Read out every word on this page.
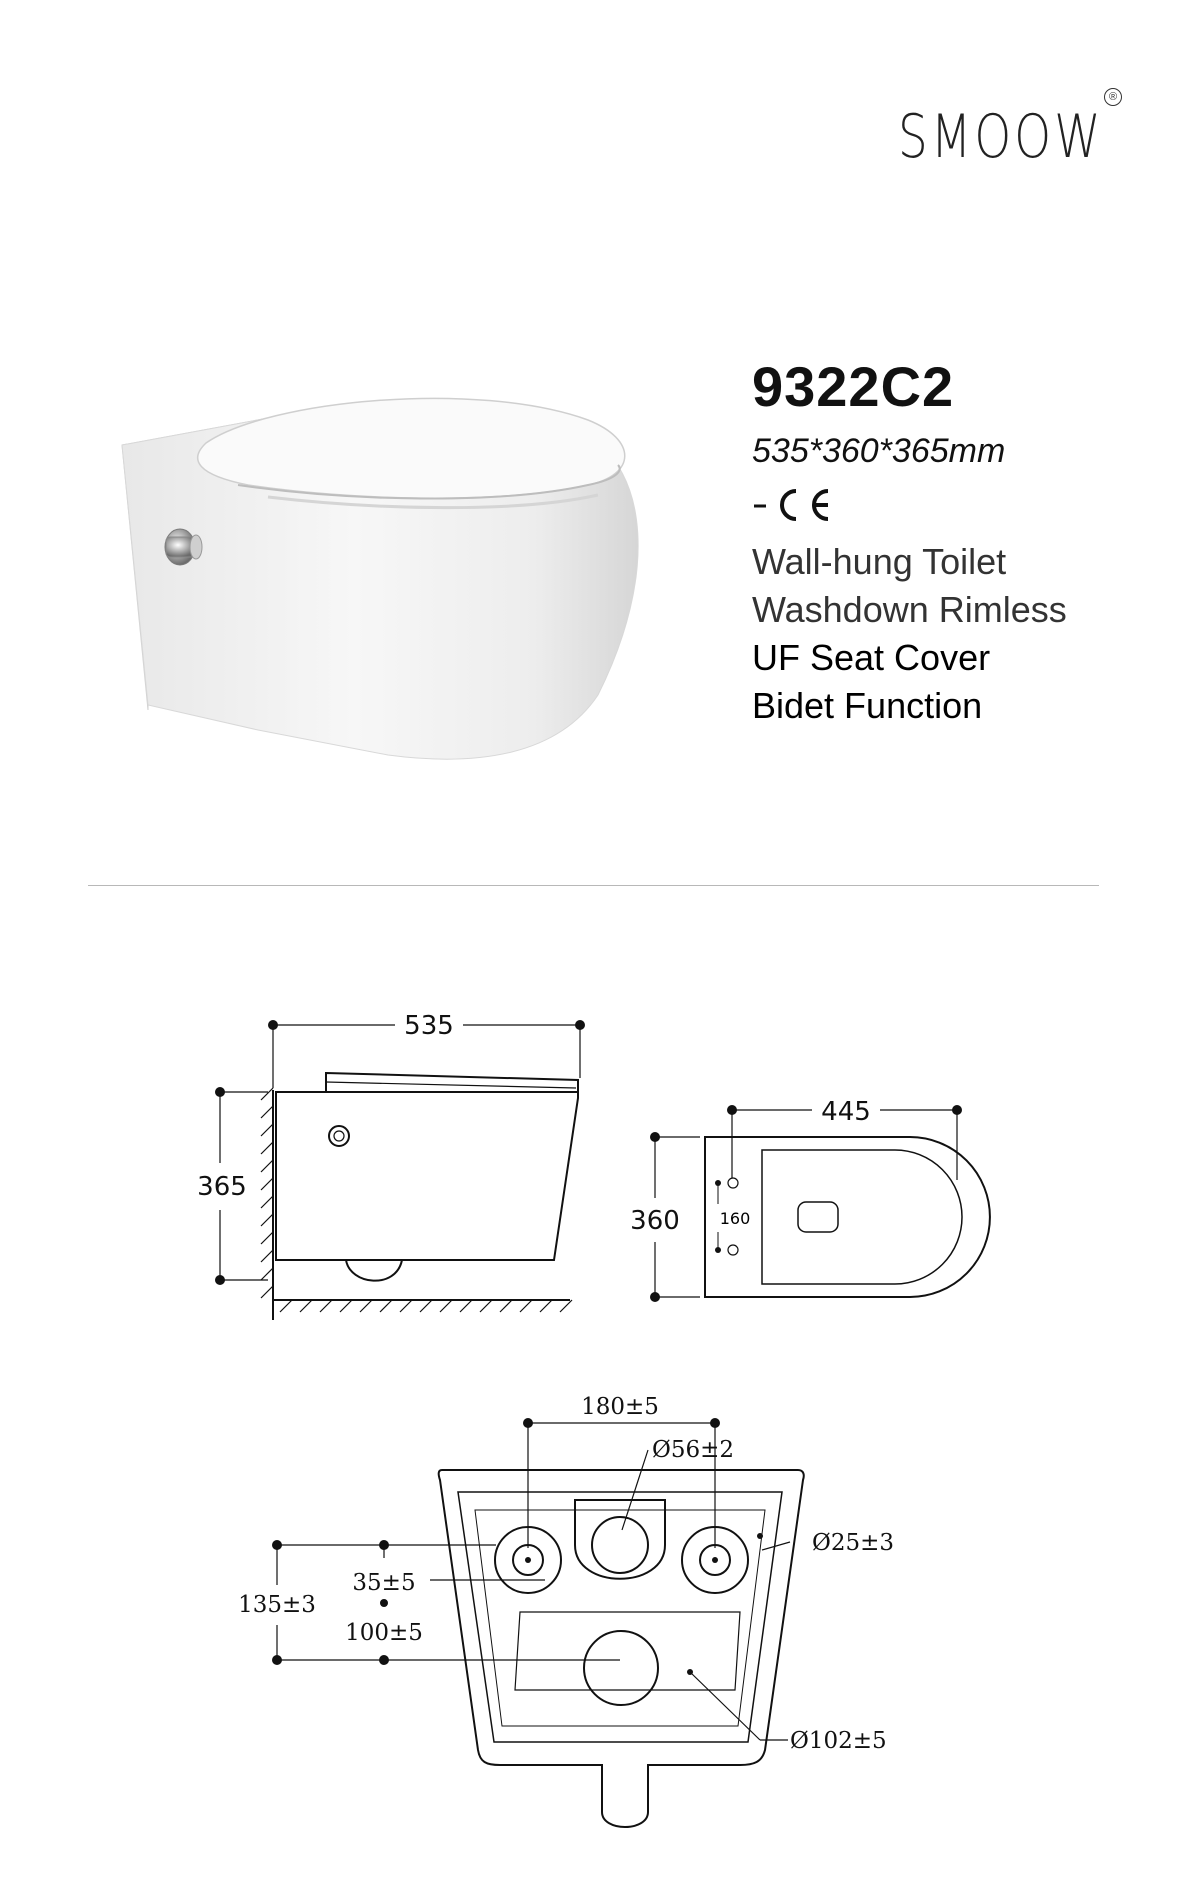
SMOOW
®
9322C2
535*360*365mm
Wall-hung Toilet
Washdown Rimless
UF Seat Cover
Bidet Function
535
365
445
360 160
180±5
Ø56±2
Ø25±3
Ø102±5
35±5
135±3
100±5
